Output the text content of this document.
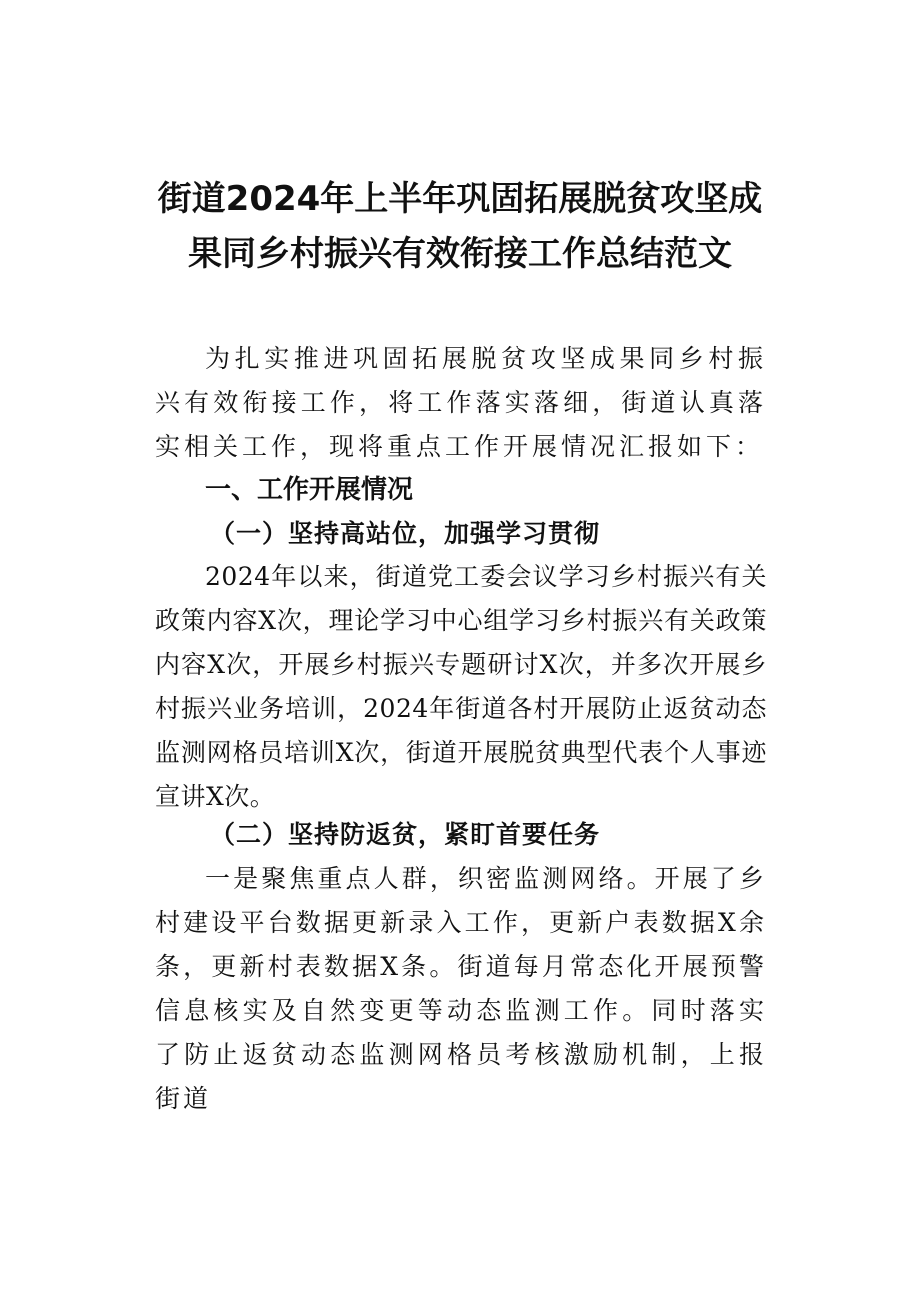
街道2024年上半年巩固拓展脱贫攻坚成
果同乡村振兴有效衔接工作总结范文

为扎实推进巩固拓展脱贫攻坚成果同乡村振兴有效衔接工作，将工作落实落细，街道认真落实相关工作，现将重点工作开展情况汇报如下：

一、工作开展情况
（一）坚持高站位，加强学习贯彻

2024年以来，街道党工委会议学习乡村振兴有关政策内容X次，理论学习中心组学习乡村振兴有关政策内容X次，开展乡村振兴专题研讨X次，并多次开展乡村振兴业务培训，2024年街道各村开展防止返贫动态监测网格员培训X次，街道开展脱贫典型代表个人事迹宣讲X次。

（二）坚持防返贫，紧盯首要任务

一是聚焦重点人群，织密监测网络。开展了乡村建设平台数据更新录入工作，更新户表数据X余条，更新村表数据X条。街道每月常态化开展预警信息核实及自然变更等动态监测工作。同时落实了防止返贫动态监测网格员考核激励机制，上报街道
